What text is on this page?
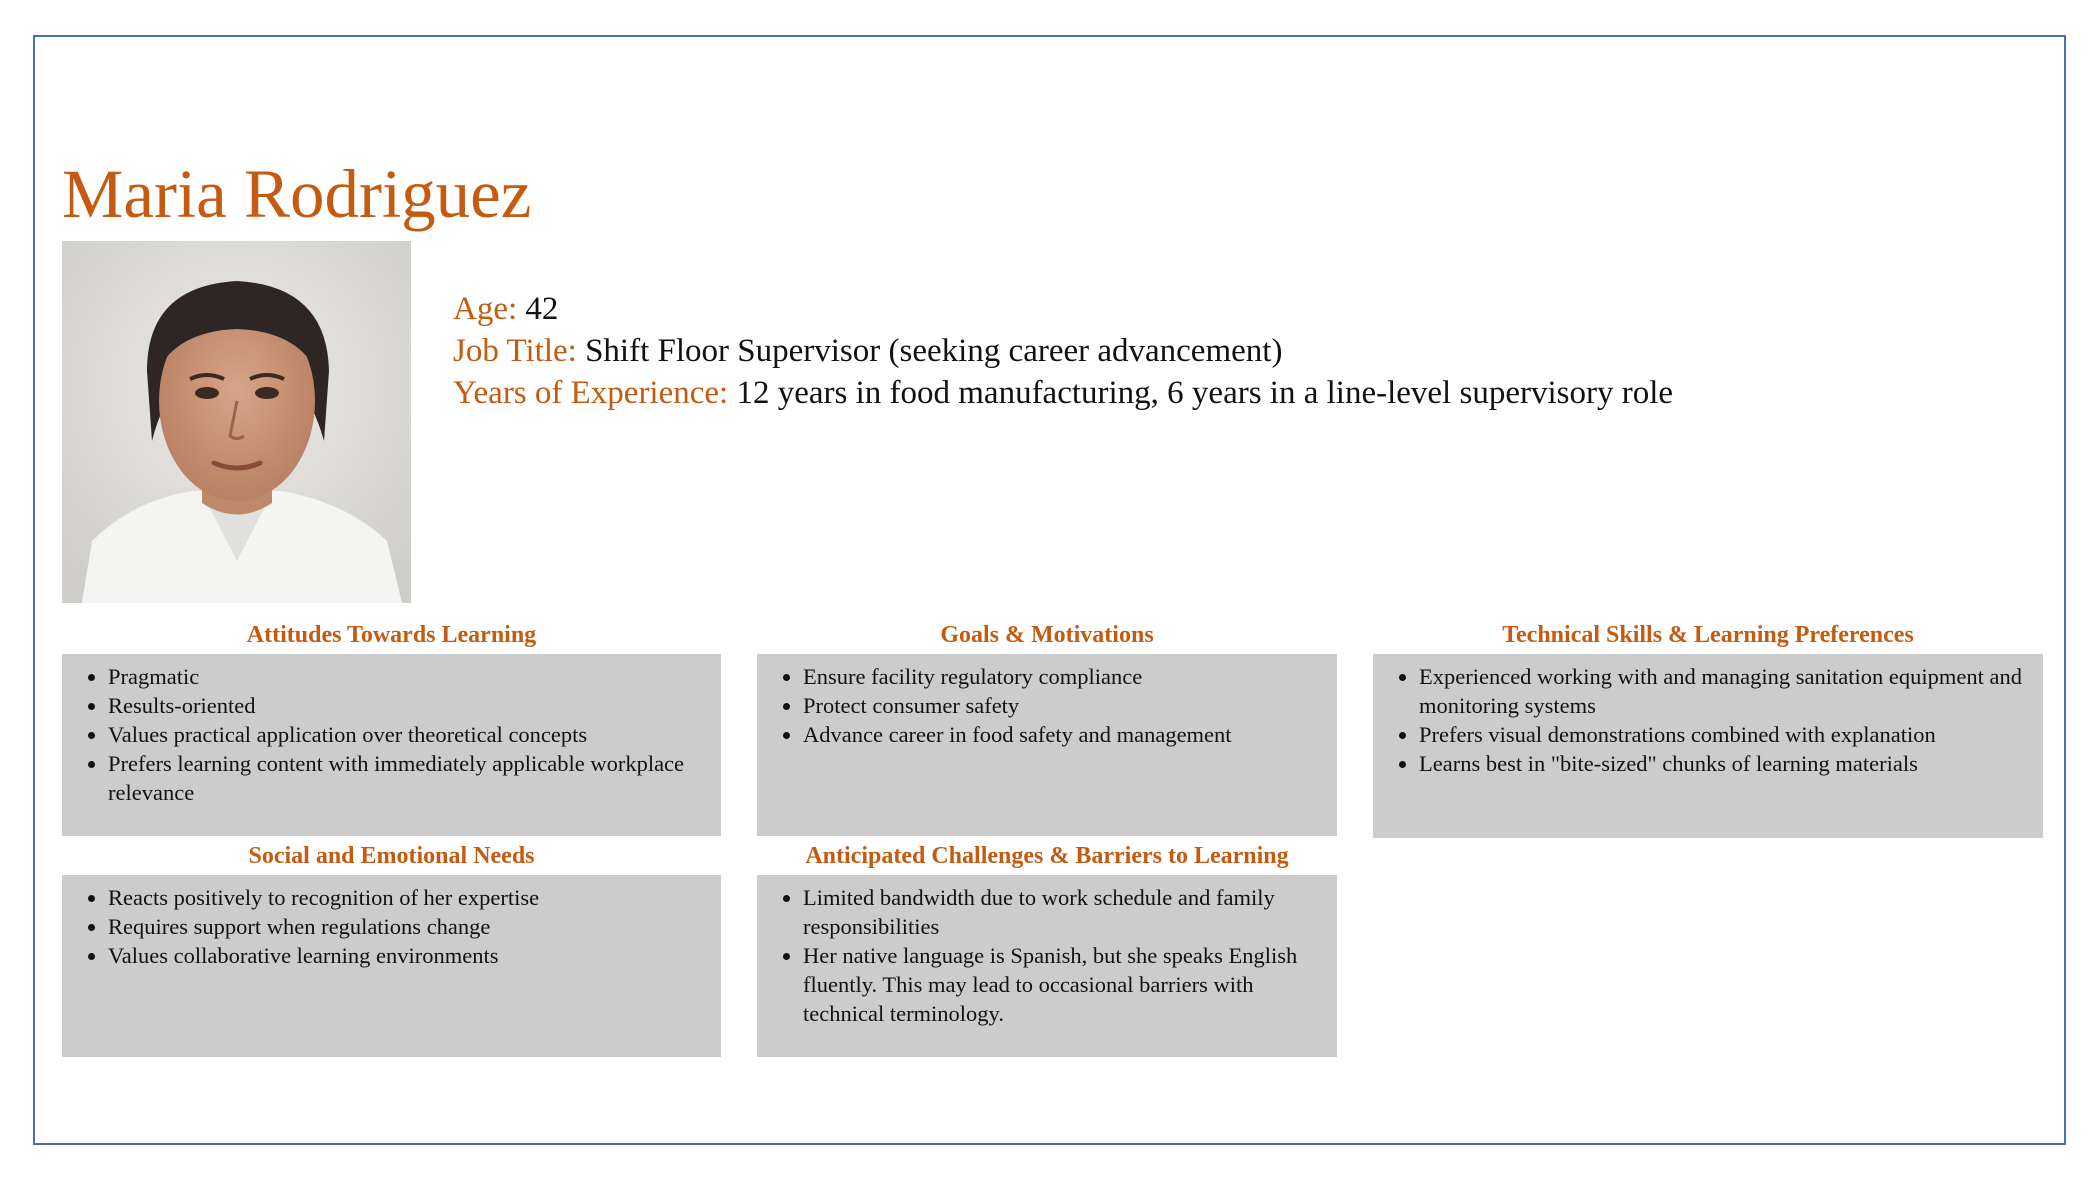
Maria Rodriguez
Age: 42
Job Title: Shift Floor Supervisor (seeking career advancement)
Years of Experience: 12 years in food manufacturing, 6 years in a line-level supervisory role
Attitudes Towards Learning
• Pragmatic
• Results-oriented
• Values practical application over theoretical concepts
• Prefers learning content with immediately applicable workplace relevance
Goals & Motivations
• Ensure facility regulatory compliance
• Protect consumer safety
• Advance career in food safety and management
Technical Skills & Learning Preferences
• Experienced working with and managing sanitation equipment and monitoring systems
• Prefers visual demonstrations combined with explanation
• Learns best in "bite-sized" chunks of learning materials
Social and Emotional Needs
• Reacts positively to recognition of her expertise
• Requires support when regulations change
• Values collaborative learning environments
Anticipated Challenges & Barriers to Learning
• Limited bandwidth due to work schedule and family responsibilities
• Her native language is Spanish, but she speaks English fluently. This may lead to occasional barriers with technical terminology.
